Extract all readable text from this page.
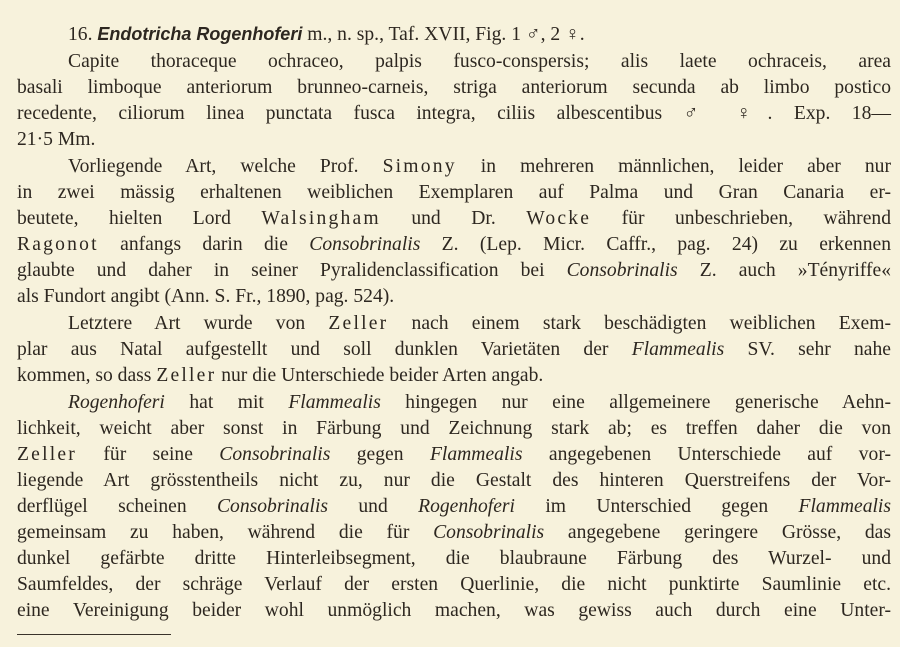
16. Endotricha Rogenhoferi m., n. sp., Taf. XVII, Fig. 1 ♂, 2 ♀.
Capite thoraceque ochraceo, palpis fusco-conspersis; alis laete ochraceis, area
basali limboque anteriorum brunneo-carneis, striga anteriorum secunda ab limbo postico
recedente, ciliorum linea punctata fusca integra, ciliis albescentibus ♂ ♀. Exp. 18—
21·5 Mm.
Vorliegende Art, welche Prof. Simony in mehreren männlichen, leider aber nur
in zwei mässig erhaltenen weiblichen Exemplaren auf Palma und Gran Canaria er-
beutete, hielten Lord Walsingham und Dr. Wocke für unbeschrieben, während
Ragonot anfangs darin die Consobrinalis Z. (Lep. Micr. Caffr., pag. 24) zu erkennen
glaubte und daher in seiner Pyralidenclassification bei Consobrinalis Z. auch »Tényriffe«
als Fundort angibt (Ann. S. Fr., 1890, pag. 524).
Letztere Art wurde von Zeller nach einem stark beschädigten weiblichen Exem-
plar aus Natal aufgestellt und soll dunklen Varietäten der Flammealis SV. sehr nahe
kommen, so dass Zeller nur die Unterschiede beider Arten angab.
Rogenhoferi hat mit Flammealis hingegen nur eine allgemeinere generische Aehn-
lichkeit, weicht aber sonst in Färbung und Zeichnung stark ab; es treffen daher die von
Zeller für seine Consobrinalis gegen Flammealis angegebenen Unterschiede auf vor-
liegende Art grösstentheils nicht zu, nur die Gestalt des hinteren Querstreifens der Vor-
derflügel scheinen Consobrinalis und Rogenhoferi im Unterschied gegen Flammealis
gemeinsam zu haben, während die für Consobrinalis angegebene geringere Grösse, das
dunkel gefärbte dritte Hinterleibsegment, die blaubraune Färbung des Wurzel- und
Saumfeldes, der schräge Verlauf der ersten Querlinie, die nicht punktirte Saumlinie etc.
eine Vereinigung beider wohl unmöglich machen, was gewiss auch durch eine Unter-
